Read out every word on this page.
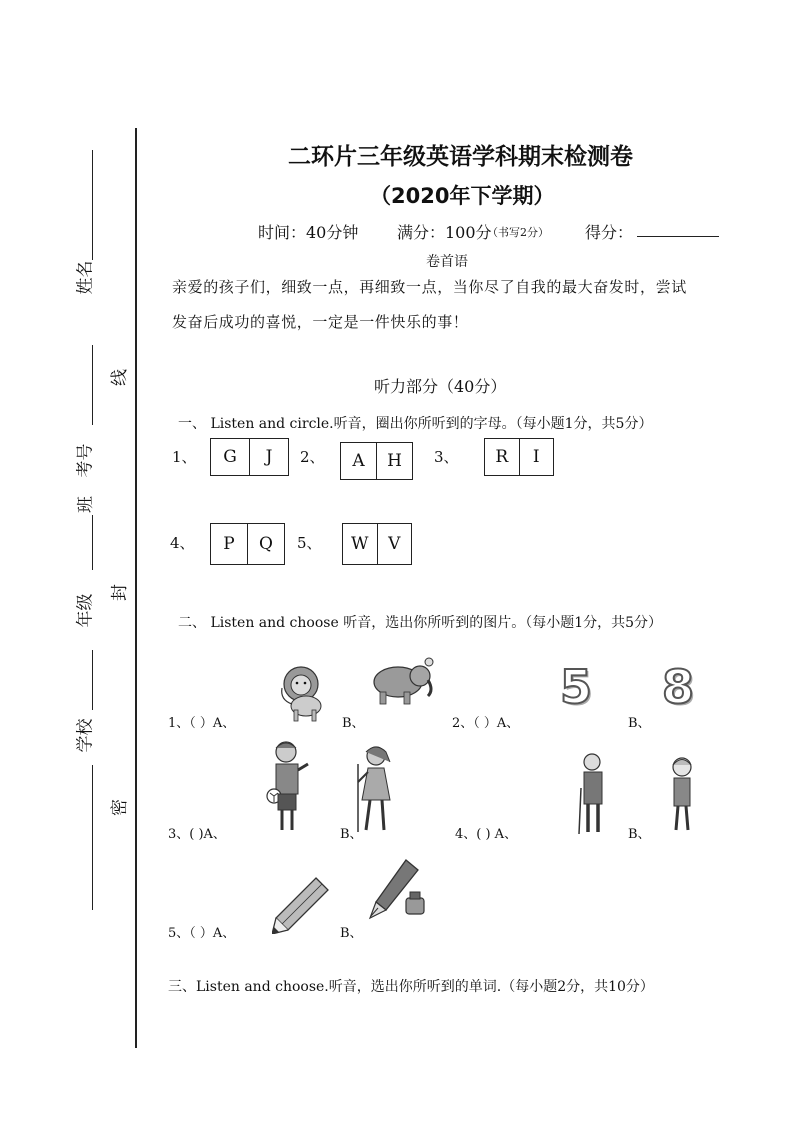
姓名
考号
班
年级
学校
线
封
密
二环片三年级英语学科期末检测卷
（2020年下学期）
时间：40分钟 满分：100分
（书写2分） 得分：
卷首语
亲爱的孩子们，细致一点，再细致一点，当你尽了自我的最大奋发时，尝试
发奋后成功的喜悦，一定是一件快乐的事！
听力部分（40分）
一、 Listen and circle.听音，圈出你所听到的字母。（每小题1分，共5分）
1、	G	J	2、	A	H	3、	R	I
4、	P	Q	5、	W	V
二、 Listen and choose 听音，选出你所听到的图片。（每小题1分，共5分）
1、（ ）A、	B、	2、（ ）A、
5
B、
8
3、( )A、	B、	4、( ) A、	B、
5、（ ）A、	B、
三、Listen and choose.听音，选出你所听到的单词.（每小题2分，共10分）
